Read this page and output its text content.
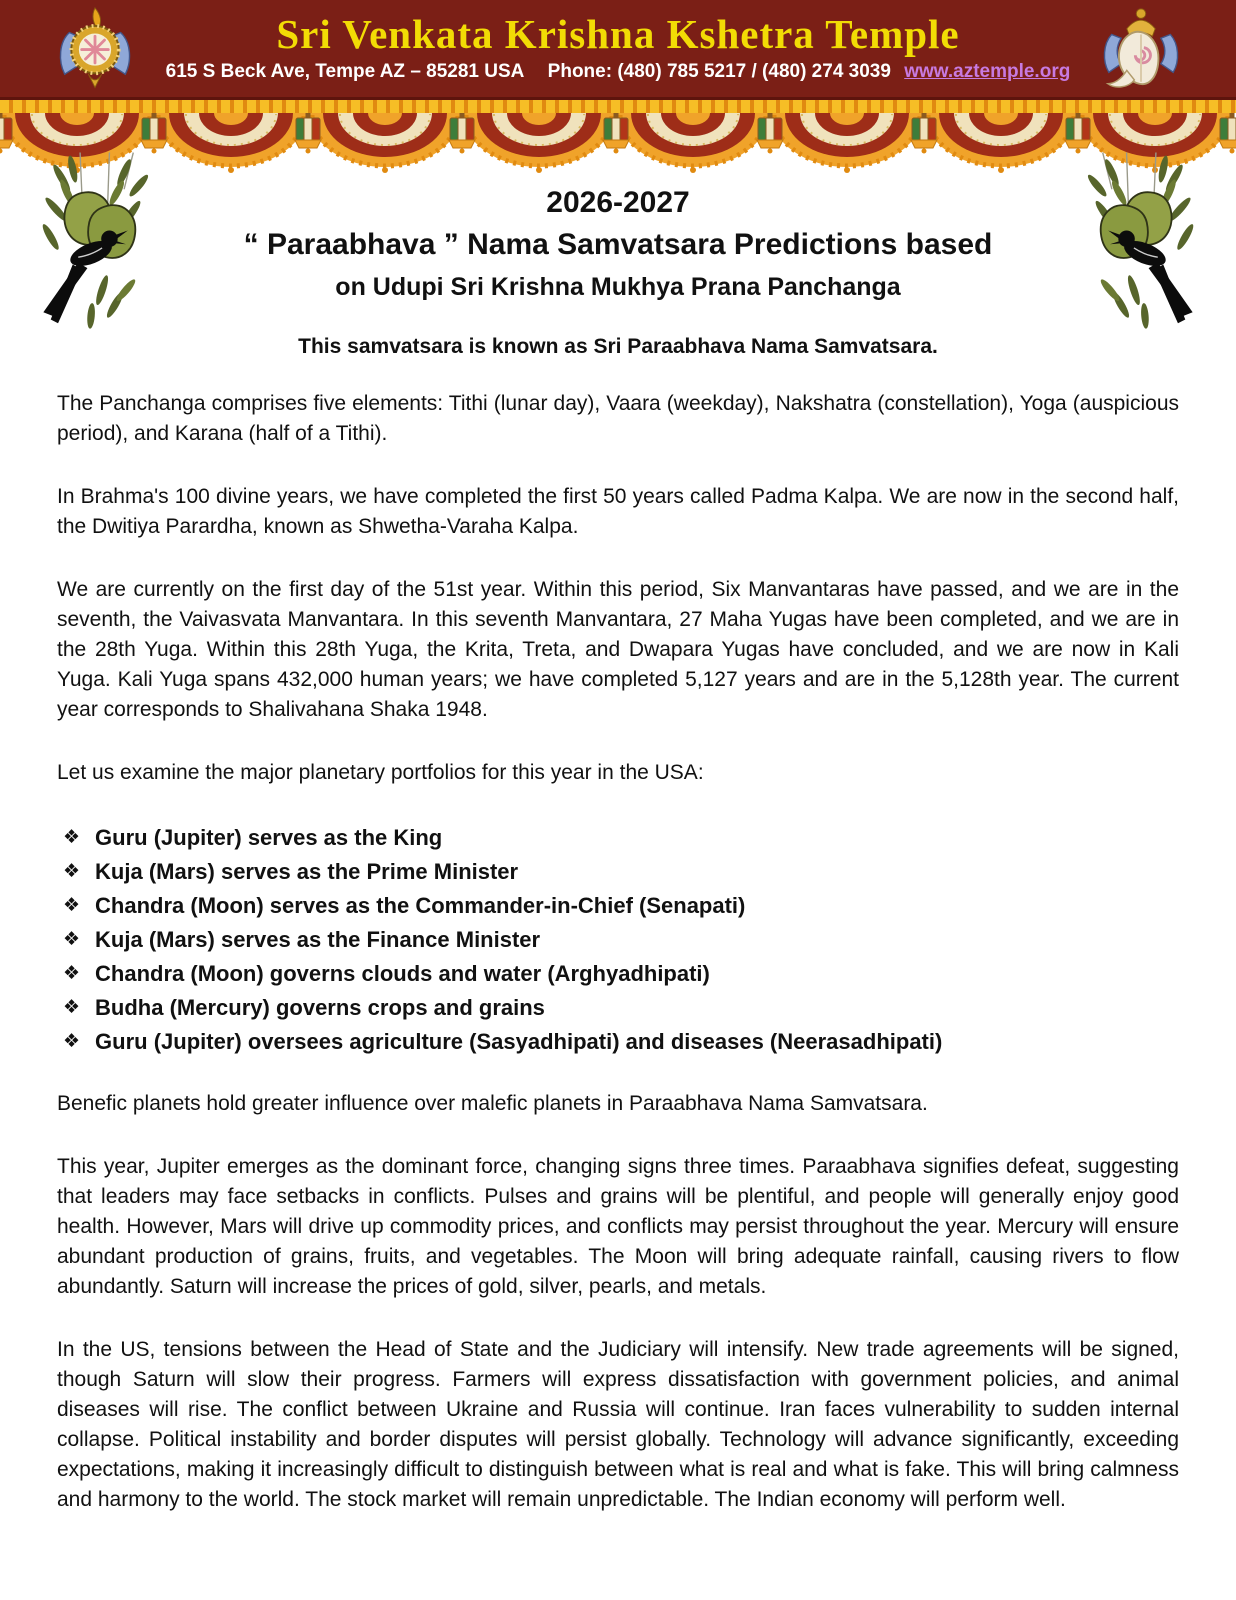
Sri Venkata Krishna Kshetra Temple
615 S Beck Ave, Tempe AZ – 85281 USA Phone: (480) 785 5217 / (480) 274 3039 www.aztemple.org
2026-2027
“ Paraabhava ” Nama Samvatsara Predictions based
on Udupi Sri Krishna Mukhya Prana Panchanga
This samvatsara is known as Sri Paraabhava Nama Samvatsara.

The Panchanga comprises five elements: Tithi (lunar day), Vaara (weekday), Nakshatra (constellation), Yoga (auspicious period), and Karana (half of a Tithi).

In Brahma's 100 divine years, we have completed the first 50 years called Padma Kalpa. We are now in the second half, the Dwitiya Parardha, known as Shwetha-Varaha Kalpa.

We are currently on the first day of the 51st year. Within this period, Six Manvantaras have passed, and we are in the seventh, the Vaivasvata Manvantara. In this seventh Manvantara, 27 Maha Yugas have been completed, and we are in the 28th Yuga. Within this 28th Yuga, the Krita, Treta, and Dwapara Yugas have concluded, and we are now in Kali Yuga. Kali Yuga spans 432,000 human years; we have completed 5,127 years and are in the 5,128th year. The current year corresponds to Shalivahana Shaka 1948.

Let us examine the major planetary portfolios for this year in the USA:

❖ Guru (Jupiter) serves as the King
❖ Kuja (Mars) serves as the Prime Minister
❖ Chandra (Moon) serves as the Commander-in-Chief (Senapati)
❖ Kuja (Mars) serves as the Finance Minister
❖ Chandra (Moon) governs clouds and water (Arghyadhipati)
❖ Budha (Mercury) governs crops and grains
❖ Guru (Jupiter) oversees agriculture (Sasyadhipati) and diseases (Neerasadhipati)

Benefic planets hold greater influence over malefic planets in Paraabhava Nama Samvatsara.

This year, Jupiter emerges as the dominant force, changing signs three times. Paraabhava signifies defeat, suggesting that leaders may face setbacks in conflicts. Pulses and grains will be plentiful, and people will generally enjoy good health. However, Mars will drive up commodity prices, and conflicts may persist throughout the year. Mercury will ensure abundant production of grains, fruits, and vegetables. The Moon will bring adequate rainfall, causing rivers to flow abundantly. Saturn will increase the prices of gold, silver, pearls, and metals.

In the US, tensions between the Head of State and the Judiciary will intensify. New trade agreements will be signed, though Saturn will slow their progress. Farmers will express dissatisfaction with government policies, and animal diseases will rise. The conflict between Ukraine and Russia will continue. Iran faces vulnerability to sudden internal collapse. Political instability and border disputes will persist globally. Technology will advance significantly, exceeding expectations, making it increasingly difficult to distinguish between what is real and what is fake. This will bring calmness and harmony to the world. The stock market will remain unpredictable. The Indian economy will perform well.
